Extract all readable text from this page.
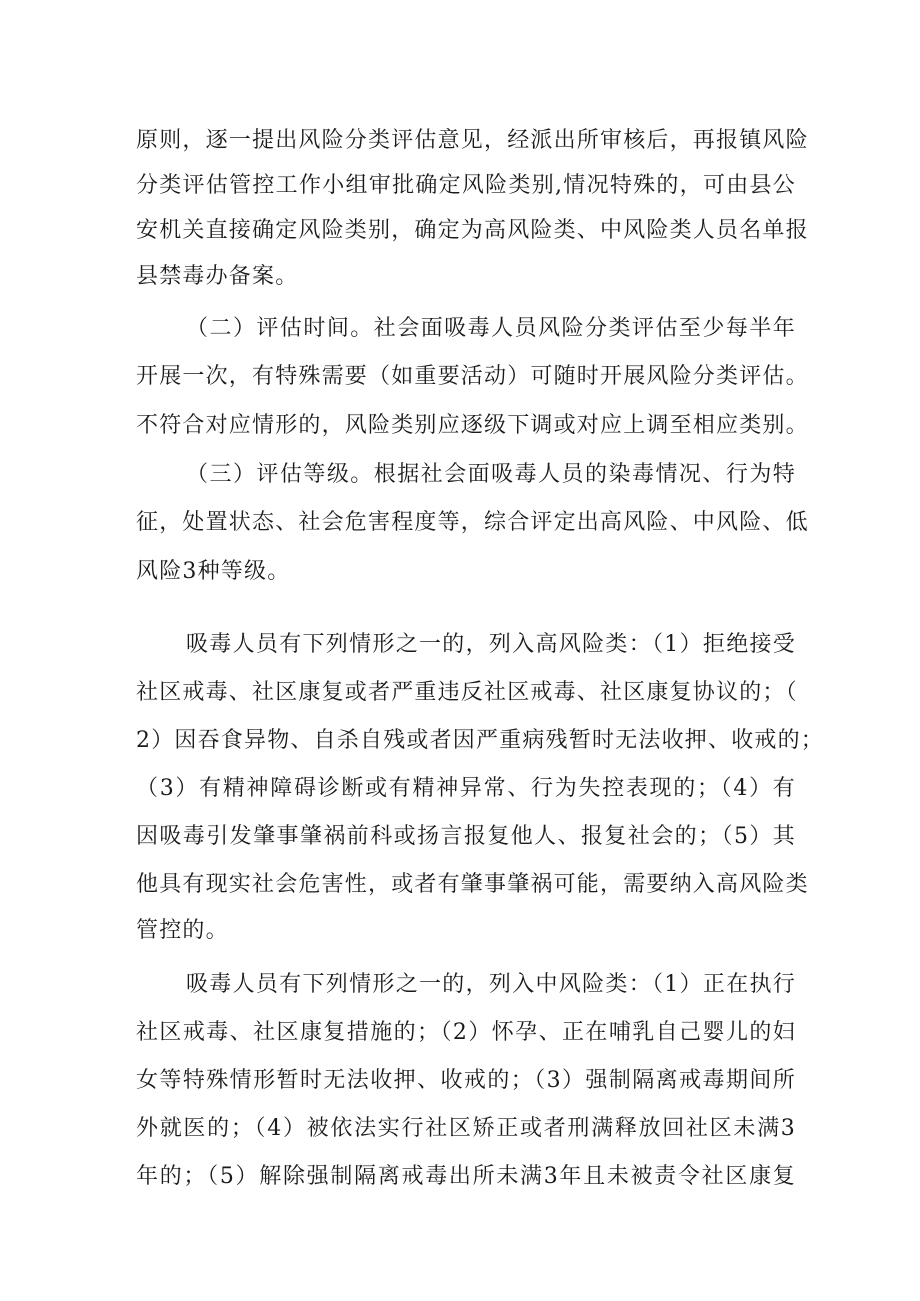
原则，逐一提出风险分类评估意见，经派出所审核后，再报镇风险
分类评估管控工作小组审批确定风险类别,情况特殊的，可由县公
安机关直接确定风险类别，确定为高风险类、中风险类人员名单报
县禁毒办备案。
（二）评估时间。社会面吸毒人员风险分类评估至少每半年
开展一次，有特殊需要（如重要活动）可随时开展风险分类评估。
不符合对应情形的，风险类别应逐级下调或对应上调至相应类别。
（三）评估等级。根据社会面吸毒人员的染毒情况、行为特
征，处置状态、社会危害程度等，综合评定出高风险、中风险、低
风险3种等级。
吸毒人员有下列情形之一的，列入高风险类：（1）拒绝接受
社区戒毒、社区康复或者严重违反社区戒毒、社区康复协议的；（
2）因吞食异物、自杀自残或者因严重病残暂时无法收押、收戒的；
（3）有精神障碍诊断或有精神异常、行为失控表现的；（4）有
因吸毒引发肇事肇祸前科或扬言报复他人、报复社会的；（5）其
他具有现实社会危害性，或者有肇事肇祸可能，需要纳入高风险类
管控的。
吸毒人员有下列情形之一的，列入中风险类：（1）正在执行
社区戒毒、社区康复措施的；（2）怀孕、正在哺乳自己婴儿的妇
女等特殊情形暂时无法收押、收戒的；（3）强制隔离戒毒期间所
外就医的；（4）被依法实行社区矫正或者刑满释放回社区未满3
年的；（5）解除强制隔离戒毒出所未满3年且未被责令社区康复
